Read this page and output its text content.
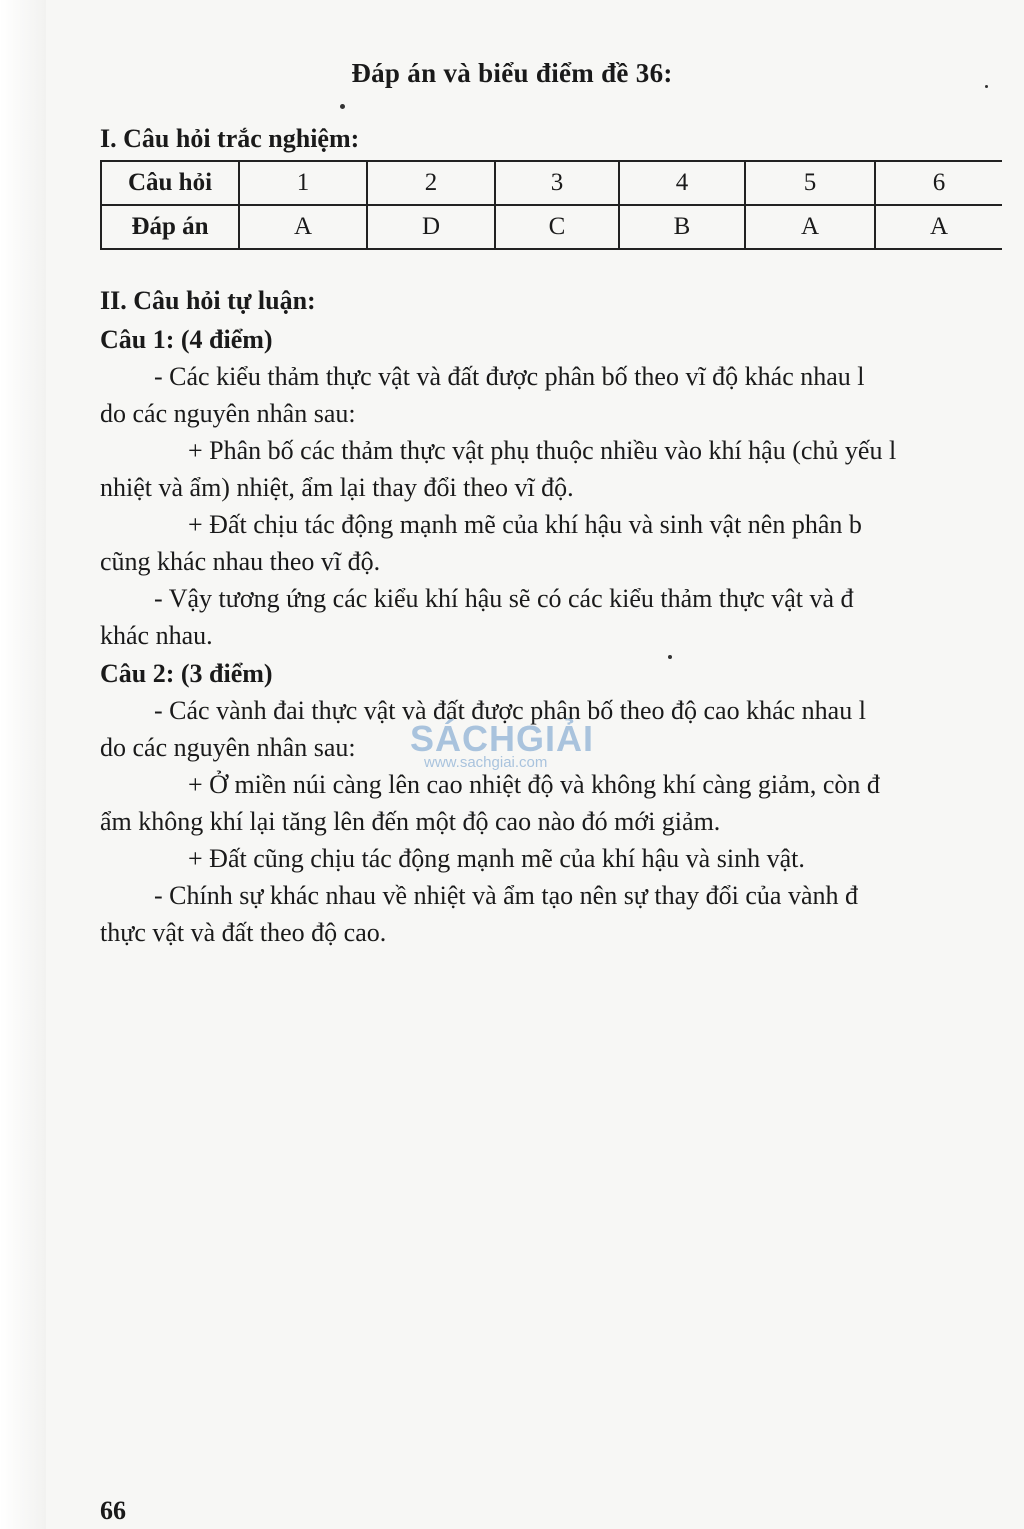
Đáp án và biểu điểm đề 36:
I. Câu hỏi trắc nghiệm:
Câu hỏi	1	2	3	4	5	6
Đáp án	A	D	C	B	A	A
II. Câu hỏi tự luận:
Câu 1: (4 điểm)
- Các kiểu thảm thực vật và đất được phân bố theo vĩ độ khác nhau l
do các nguyên nhân sau:
+ Phân bố các thảm thực vật phụ thuộc nhiều vào khí hậu (chủ yếu l
nhiệt và ẩm) nhiệt, ẩm lại thay đổi theo vĩ độ.
+ Đất chịu tác động mạnh mẽ của khí hậu và sinh vật nên phân b
cũng khác nhau theo vĩ độ.
- Vậy tương ứng các kiểu khí hậu sẽ có các kiểu thảm thực vật và đ
khác nhau.
Câu 2: (3 điểm)
- Các vành đai thực vật và đất được phân bố theo độ cao khác nhau l
do các nguyên nhân sau:
+ Ở miền núi càng lên cao nhiệt độ và không khí càng giảm, còn đ
ẩm không khí lại tăng lên đến một độ cao nào đó mới giảm.
+ Đất cũng chịu tác động mạnh mẽ của khí hậu và sinh vật.
- Chính sự khác nhau về nhiệt và ẩm tạo nên sự thay đổi của vành đ
thực vật và đất theo độ cao.
SÁCHGIẢI
www.sachgiai.com
66
